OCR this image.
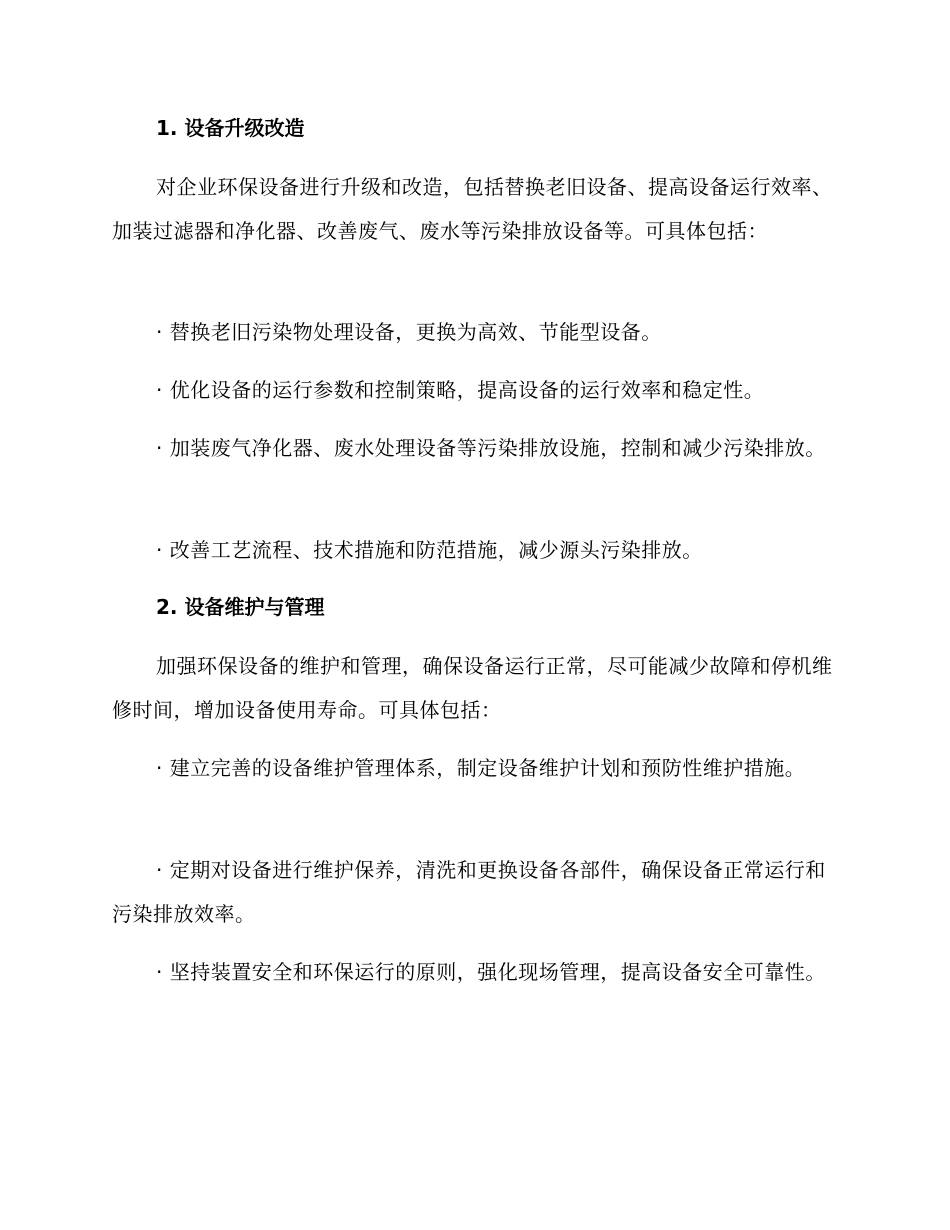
1. 设备升级改造

对企业环保设备进行升级和改造，包括替换老旧设备、提高设备运行效率、加装过滤器和净化器、改善废气、废水等污染排放设备等。可具体包括：

· 替换老旧污染物处理设备，更换为高效、节能型设备。

· 优化设备的运行参数和控制策略，提高设备的运行效率和稳定性。

· 加装废气净化器、废水处理设备等污染排放设施，控制和减少污染排放。

· 改善工艺流程、技术措施和防范措施，减少源头污染排放。

2. 设备维护与管理

加强环保设备的维护和管理，确保设备运行正常，尽可能减少故障和停机维修时间，增加设备使用寿命。可具体包括：

· 建立完善的设备维护管理体系，制定设备维护计划和预防性维护措施。

· 定期对设备进行维护保养，清洗和更换设备各部件，确保设备正常运行和污染排放效率。

· 坚持装置安全和环保运行的原则，强化现场管理，提高设备安全可靠性。
